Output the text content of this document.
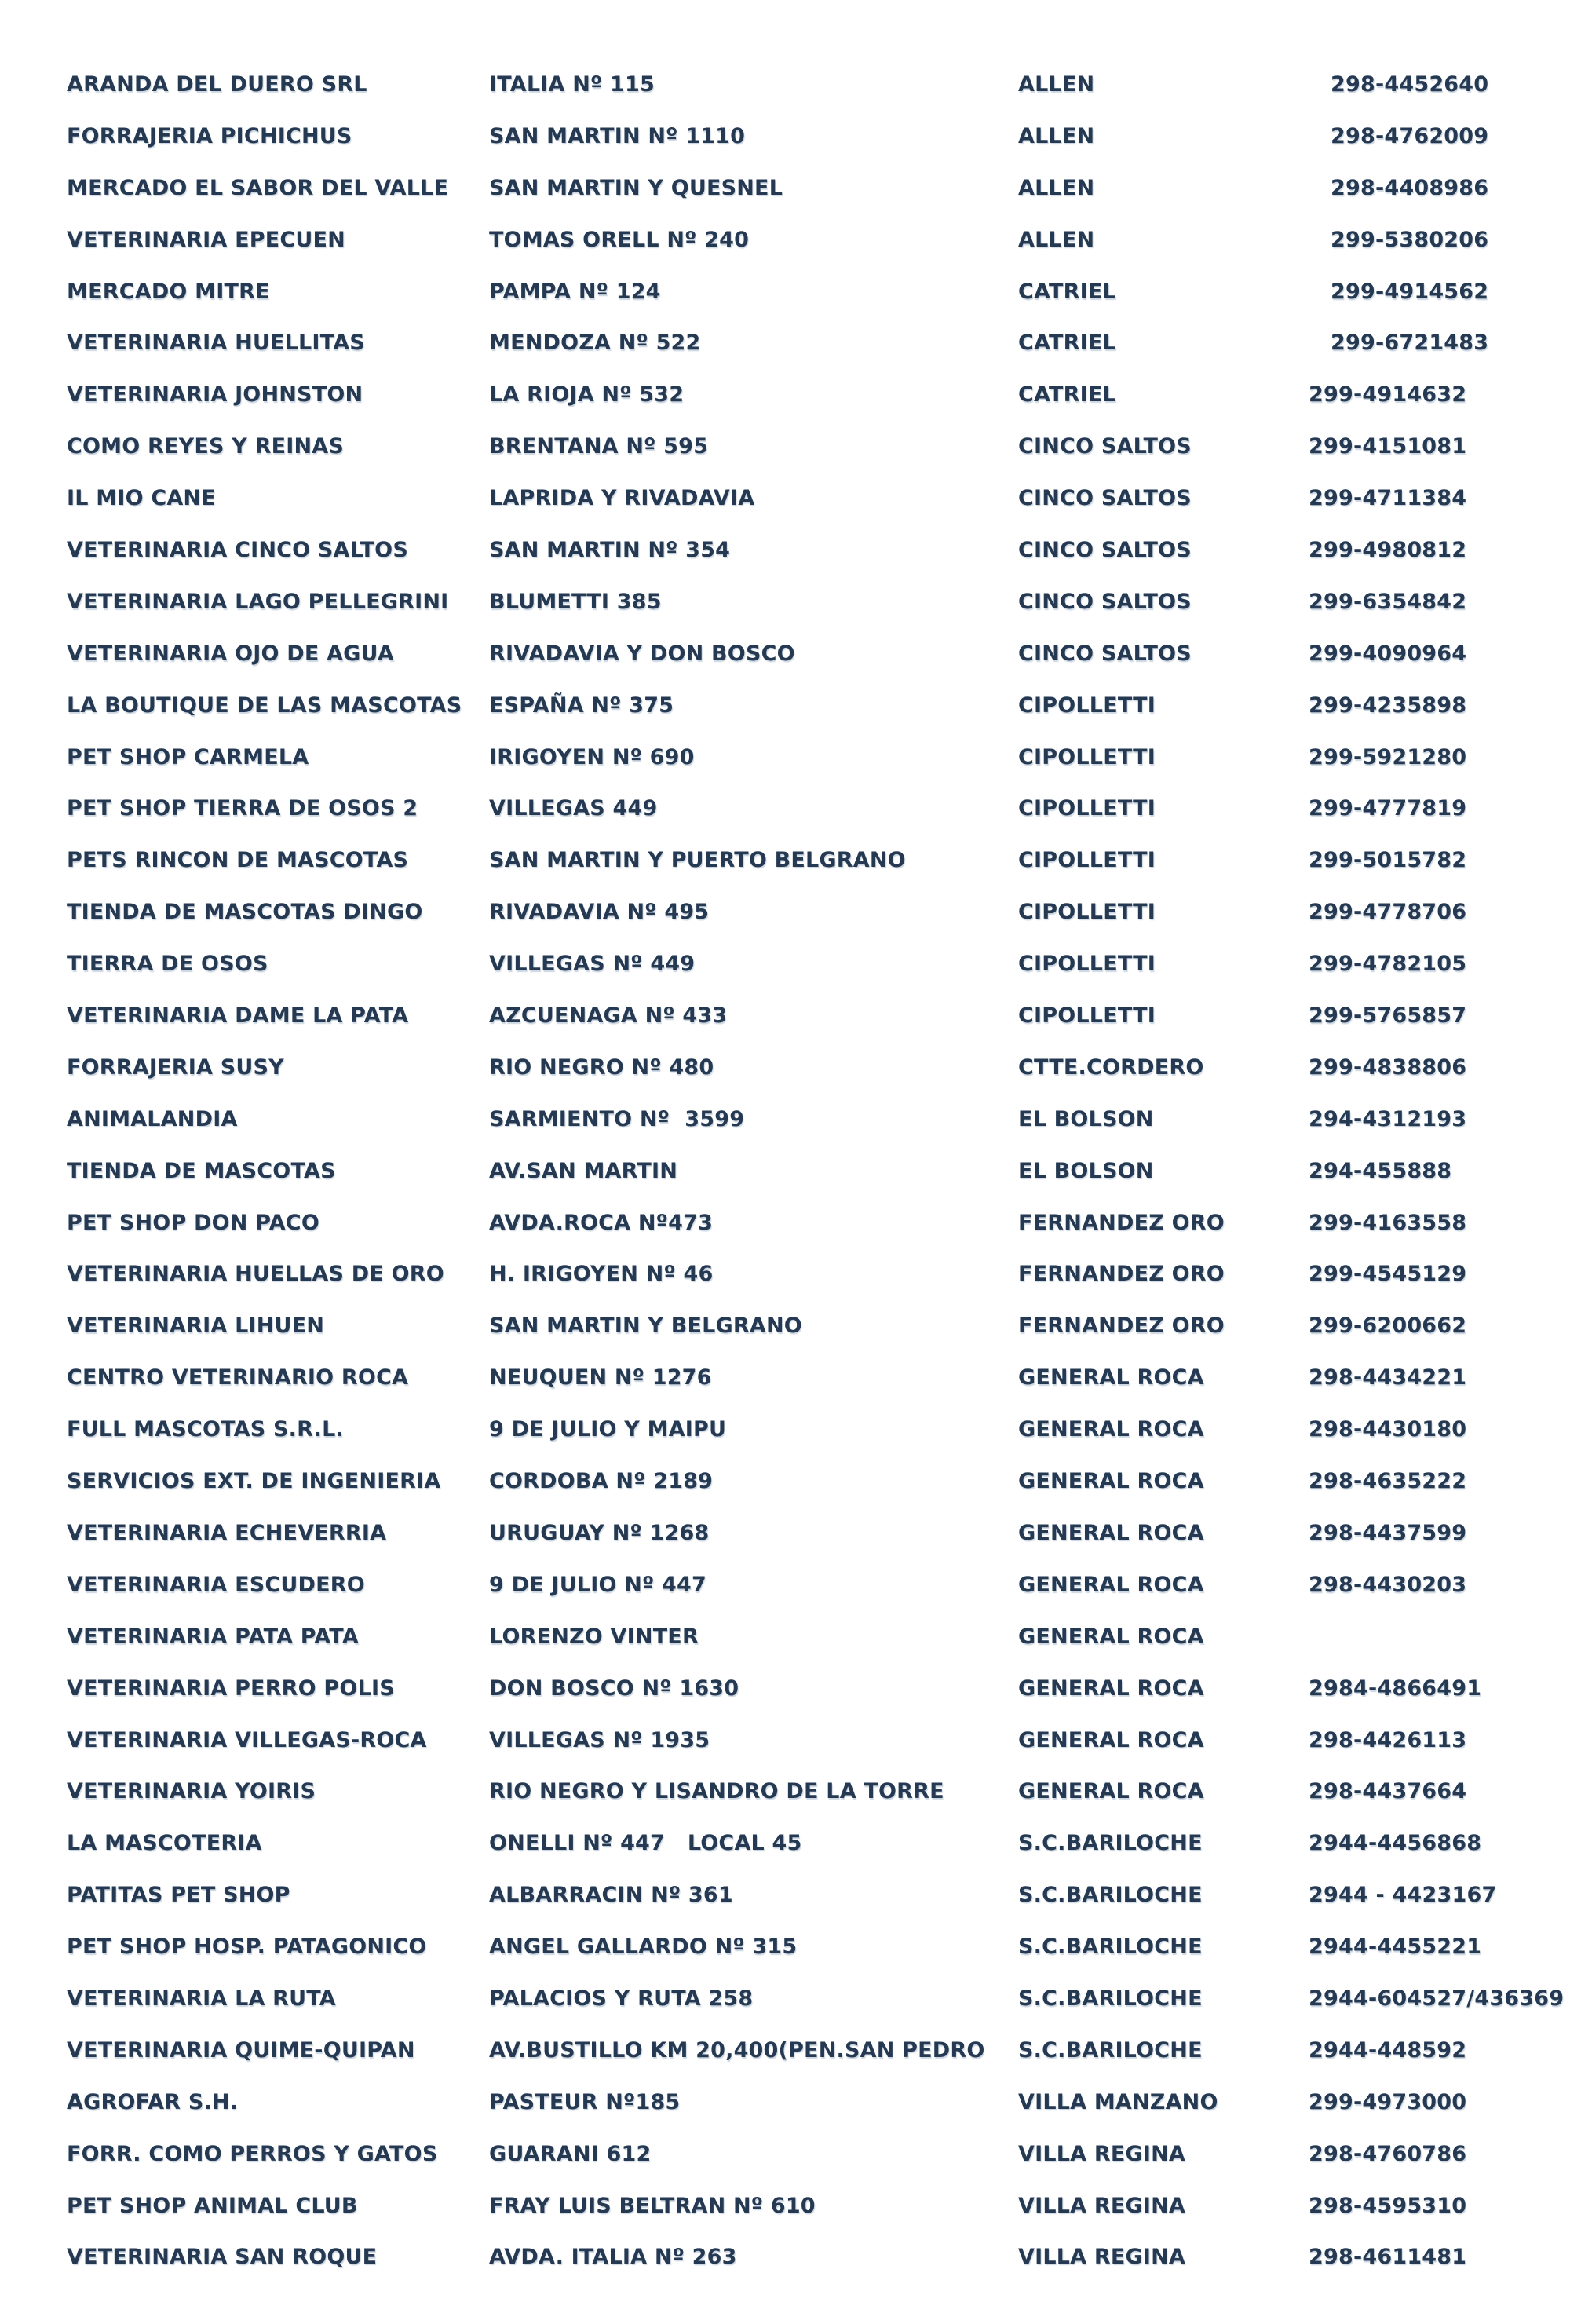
ARANDA DEL DUERO SRL	ITALIA Nº 115	ALLEN	298-4452640
FORRAJERIA PICHICHUS	SAN MARTIN Nº 1110	ALLEN	298-4762009
MERCADO EL SABOR DEL VALLE	SAN MARTIN Y QUESNEL	ALLEN	298-4408986
VETERINARIA EPECUEN	TOMAS ORELL Nº 240	ALLEN	299-5380206
MERCADO MITRE	PAMPA Nº 124	CATRIEL	299-4914562
VETERINARIA HUELLITAS	MENDOZA Nº 522	CATRIEL	299-6721483
VETERINARIA JOHNSTON	LA RIOJA Nº 532	CATRIEL	299-4914632
COMO REYES Y REINAS	BRENTANA Nº 595	CINCO SALTOS	299-4151081
IL MIO CANE	LAPRIDA Y RIVADAVIA	CINCO SALTOS	299-4711384
VETERINARIA CINCO SALTOS	SAN MARTIN Nº 354	CINCO SALTOS	299-4980812
VETERINARIA LAGO PELLEGRINI	BLUMETTI 385	CINCO SALTOS	299-6354842
VETERINARIA OJO DE AGUA	RIVADAVIA Y DON BOSCO	CINCO SALTOS	299-4090964
LA BOUTIQUE DE LAS MASCOTAS	ESPAÑA Nº 375	CIPOLLETTI	299-4235898
PET SHOP CARMELA	IRIGOYEN Nº 690	CIPOLLETTI	299-5921280
PET SHOP TIERRA DE OSOS 2	VILLEGAS 449	CIPOLLETTI	299-4777819
PETS RINCON DE MASCOTAS	SAN MARTIN Y PUERTO BELGRANO	CIPOLLETTI	299-5015782
TIENDA DE MASCOTAS DINGO	RIVADAVIA Nº 495	CIPOLLETTI	299-4778706
TIERRA DE OSOS	VILLEGAS Nº 449	CIPOLLETTI	299-4782105
VETERINARIA DAME LA PATA	AZCUENAGA Nº 433	CIPOLLETTI	299-5765857
FORRAJERIA SUSY	RIO NEGRO Nº 480	CTTE.CORDERO	299-4838806
ANIMALANDIA	SARMIENTO Nº  3599	EL BOLSON	294-4312193
TIENDA DE MASCOTAS	AV.SAN MARTIN	EL BOLSON	294-455888
PET SHOP DON PACO	AVDA.ROCA Nº473	FERNANDEZ ORO	299-4163558
VETERINARIA HUELLAS DE ORO	H. IRIGOYEN Nº 46	FERNANDEZ ORO	299-4545129
VETERINARIA LIHUEN	SAN MARTIN Y BELGRANO	FERNANDEZ ORO	299-6200662
CENTRO VETERINARIO ROCA	NEUQUEN Nº 1276	GENERAL ROCA	298-4434221
FULL MASCOTAS S.R.L.	9 DE JULIO Y MAIPU	GENERAL ROCA	298-4430180
SERVICIOS EXT. DE INGENIERIA	CORDOBA Nº 2189	GENERAL ROCA	298-4635222
VETERINARIA ECHEVERRIA	URUGUAY Nº 1268	GENERAL ROCA	298-4437599
VETERINARIA ESCUDERO	9 DE JULIO Nº 447	GENERAL ROCA	298-4430203
VETERINARIA PATA PATA	LORENZO VINTER	GENERAL ROCA
VETERINARIA PERRO POLIS	DON BOSCO Nº 1630	GENERAL ROCA	2984-4866491
VETERINARIA VILLEGAS-ROCA	VILLEGAS Nº 1935	GENERAL ROCA	298-4426113
VETERINARIA YOIRIS	RIO NEGRO Y LISANDRO DE LA TORRE	GENERAL ROCA	298-4437664
LA MASCOTERIA	ONELLI Nº 447   LOCAL 45	S.C.BARILOCHE	2944-4456868
PATITAS PET SHOP	ALBARRACIN Nº 361	S.C.BARILOCHE	2944 - 4423167
PET SHOP HOSP. PATAGONICO	ANGEL GALLARDO Nº 315	S.C.BARILOCHE	2944-4455221
VETERINARIA LA RUTA	PALACIOS Y RUTA 258	S.C.BARILOCHE	2944-604527/436369
VETERINARIA QUIME-QUIPAN	AV.BUSTILLO KM 20,400(PEN.SAN PEDRO	S.C.BARILOCHE	2944-448592
AGROFAR S.H.	PASTEUR Nº185	VILLA MANZANO	299-4973000
FORR. COMO PERROS Y GATOS	GUARANI 612	VILLA REGINA	298-4760786
PET SHOP ANIMAL CLUB	FRAY LUIS BELTRAN Nº 610	VILLA REGINA	298-4595310
VETERINARIA SAN ROQUE	AVDA. ITALIA Nº 263	VILLA REGINA	298-4611481
